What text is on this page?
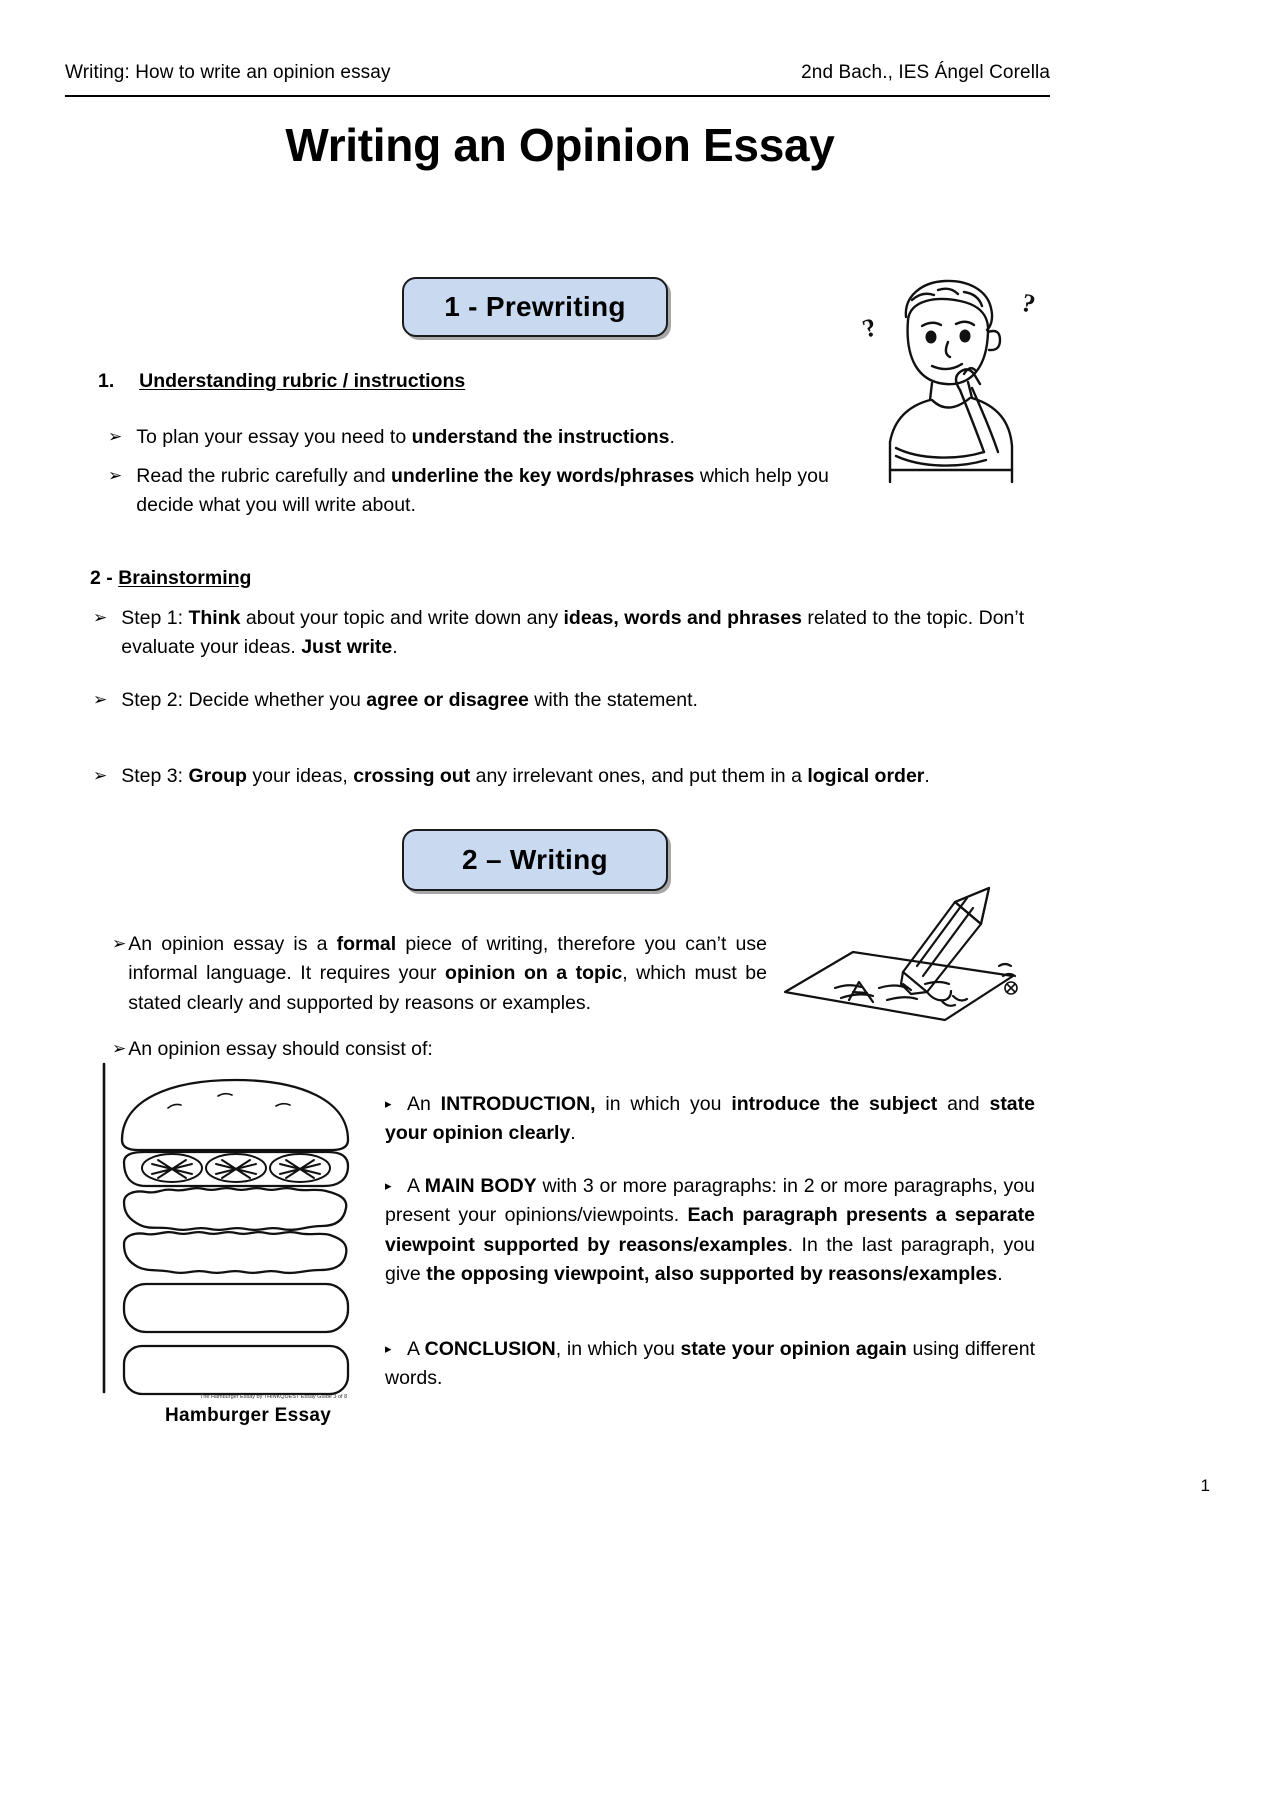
Writing: How to write an opinion essay	2nd Bach., IES Ángel Corella
Writing an Opinion Essay
1 - Prewriting
?
?
1. Understanding rubric / instructions
➢ To plan your essay you need to understand the instructions.
➢ Read the rubric carefully and underline the key words/phrases which help you decide what you will write about.
2 - Brainstorming
➢ Step 1: Think about your topic and write down any ideas, words and phrases related to the topic. Don’t evaluate your ideas. Just write.
➢ Step 2: Decide whether you agree or disagree with the statement.
➢ Step 3: Group your ideas, crossing out any irrelevant ones, and put them in a logical order.
2 – Writing
➢ An opinion essay is a formal piece of writing, therefore you can’t use informal language. It requires your opinion on a topic, which must be stated clearly and supported by reasons or examples.
➢ An opinion essay should consist of:
The Hamburger Essay by THINKQUEST Essay Guide 3 of 8
Hamburger Essay
▸ An INTRODUCTION, in which you introduce the subject and state your opinion clearly.
▸ A MAIN BODY with 3 or more paragraphs: in 2 or more paragraphs, you present your opinions/viewpoints. Each paragraph presents a separate viewpoint supported by reasons/examples. In the last paragraph, you give the opposing viewpoint, also supported by reasons/examples.
▸ A CONCLUSION, in which you state your opinion again using different words.
1
